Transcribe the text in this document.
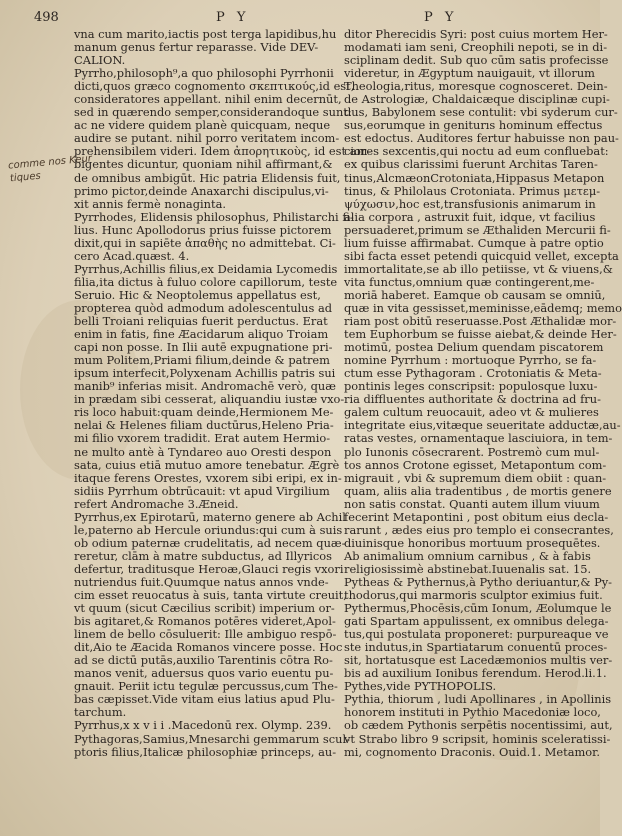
498	P Y	P Y
comme nos Keur
tiques
vna cum marito,iactis post terga lapidibus,hu
manum genus fertur reparasse. Vide DEV-
CALION.
Pyrrho,philosoph⁹,a quo philosophi Pyrrhonii
dicti,quos græco cognomento σκεπτικούς,id est,
consideratores appellant. nihil enim decernūt,
sed in quærendo semper,considerandoque sunt:
ac ne videre quidem planè quicquam, neque
audire se putant. nihil porro veritatem incom-
prehensibilem videri. Idem ἀπορητικοὺς, id est am-
bigentes dicuntur, quoniam nihil affirmant,&
de omnibus ambigūt. Hic patria Elidensis fuit,
primo pictor,deinde Anaxarchi discipulus,vi-
xit annis fermè nonaginta.
Pyrrhodes, Elidensis philosophus, Philistarchi fi-
lius. Hunc Apollodorus prius fuisse pictorem
dixit,qui in sapiēte ἀπαθὴς no admittebat. Ci-
cero Acad.quæst. 4.
Pyrrhus,Achillis filius,ex Deidamia Lycomedis
filia,ita dictus à fuluo colore capillorum, teste
Seruio. Hic & Neoptolemus appellatus est,
propterea quòd admodum adolescentulus ad
belli Troiani reliquias fuerit perductus. Erat
enim in fatis, fine Æacidarum aliquo Troiam
capi non posse. In Ilii autē expugnatione pri-
mum Politem,Priami filium,deinde & patrem
ipsum interfecit,Polyxenam Achillis patris sui
manib⁹ inferias misit. Andromachē verò, quæ
in prædam sibi cesserat, aliquandiu iustæ vxo-
ris loco habuit:quam deinde,Hermionem Me-
nelai & Helenes filiam ductūrus,Heleno Pria-
mi filio vxorem tradidit. Erat autem Hermio-
ne multo antè à Tyndareo auo Oresti despon
sata, cuius etiā mutuo amore tenebatur. Ægrè
itaque ferens Orestes, vxorem sibi eripi, ex in-
sidiis Pyrrhum obtrūcauit: vt apud Virgilium
refert Andromache 3.Æneid.
Pyrrhus,ex Epirotarū, materno genere ab Achil
le,paterno ab Hercule oriundus:qui cum à suis
ob odium paternæ crudelitatis, ad necem quæ-
reretur, clām à matre subductus, ad Illyricos
defertur, traditusque Heroæ,Glauci regis vxori
nutriendus fuit.Quumque natus annos vnde-
cim esset reuocatus à suis, tanta virtute creuit,
vt quum (sicut Cæcilius scribit) imperium or-
bis agitaret,& Romanos potēres videret,Apol-
linem de bello cōsuluerit: Ille ambiguo respō-
dit,Aio te Æacida Romanos vincere posse. Hoc
ad se dictū putās,auxilio Tarentinis cōtra Ro-
manos venit, aduersus quos vario euentu pu-
gnauit. Periit ictu tegulæ percussus,cum The-
bas cæpisset.Vide vitam eius latius apud Plu-
tarchum.
Pyrrhus,x x v i i .Macedonū rex. Olymp. 239.
Pythagoras,Samius,Mnesarchi gemmarum scul-
ptoris filius,Italicæ philosophiæ princeps, au-
ditor Pherecidis Syri: post cuius mortem Her-
modamati iam seni, Creophili nepoti, se in di-
sciplinam dedit. Sub quo cūm satis profecisse
videretur, in Ægyptum nauigauit, vt illorum
Theologia,ritus, moresque cognosceret. Dein-
de Astrologiæ, Chaldaicæque disciplinæ cupi-
dus, Babylonem sese contulit: vbi syderum cur-
sus,eorumque in geniturıs hominum effectus
est edoctus. Auditores fertur habuisse non pau-
ciores sexcentis,qui noctu ad eum confluebat:
ex quibus clarissimi fuerunt Architas Taren-
tinus,AlcmæonCrotoniata,Hippasus Metapon
tinus, & Philolaus Crotoniata. Primus μετεμ-
ψύχωσιν,hoc est,transfusionis animarum in
alia corpora , astruxit fuit, idque, vt facilius
persuaderet,primum se Æthaliden Mercurii fi-
lium fuisse affirmabat. Cumque à patre optio
sibi facta esset petendi quicquid vellet, excepta
immortalitate,se ab illo petiisse, vt & viuens,&
vita functus,omnium quæ contingerent,me-
moriā haberet. Eamque ob causam se omniū,
quæ in vita gessisset,meminisse,eādemq; memo
riam post obitū reseruasse.Post Æthalidæ mor-
tem Euphorbum se fuisse aiebat,& deinde Her-
motimū, postea Delium quendam piscatorem
nomine Pyrrhum : mortuoque Pyrrho, se fa-
ctum esse Pythagoram . Crotoniatis & Meta-
pontinis leges conscripsit: populosque luxu-
ria diffluentes authoritate & doctrina ad fru-
galem cultum reuocauit, adeo vt & mulieres
integritate eius,vitæque seueritate adductæ,au-
ratas vestes, ornamentaque lasciuiora, in tem-
plo Iunonis cōsecrarent. Postremò cum mul-
tos annos Crotone egisset, Metapontum com-
migrauit , vbi & supremum diem obiit : quan-
quam, aliis alia tradentibus , de mortis genere
non satis constat. Quanti autem illum viuum
fecerint Metapontini , post obitum eius decla-
rarunt , ædes eius pro templo ei consecrantes,
diuinisque honoribus mortuum prosequētes.
Ab animalium omnium carnibus , & à fabis
religiosissimè abstinebat.Iuuenalis sat. 15.
Pytheas & Pythernus,à Pytho deriuantur,& Py-
thodorus,qui marmoris sculptor eximius fuit.
Pythermus,Phocēsis,cūm Ionum, Æolumque le
gati Spartam appulissent, ex omnibus delega-
tus,qui postulata proponeret: purpureaque ve
ste indutus,in Spartiatarum conuentū proces-
sit, hortatusque est Lacedæmonios multis ver-
bis ad auxilium Ionibus ferendum. Herod.li.1.
Pythes,vide PYTHOPOLIS.
Pythia, thiorum , ludi Apollinares , in Apollinis
honorem instituti in Pythio Macedoniæ loco,
ob cædem Pythonis serpētis nocentissimi, aut,
vt Strabo libro 9 scripsit, hominis sceleratissi-
mi, cognomento Draconis. Ouid.1. Metamor.
